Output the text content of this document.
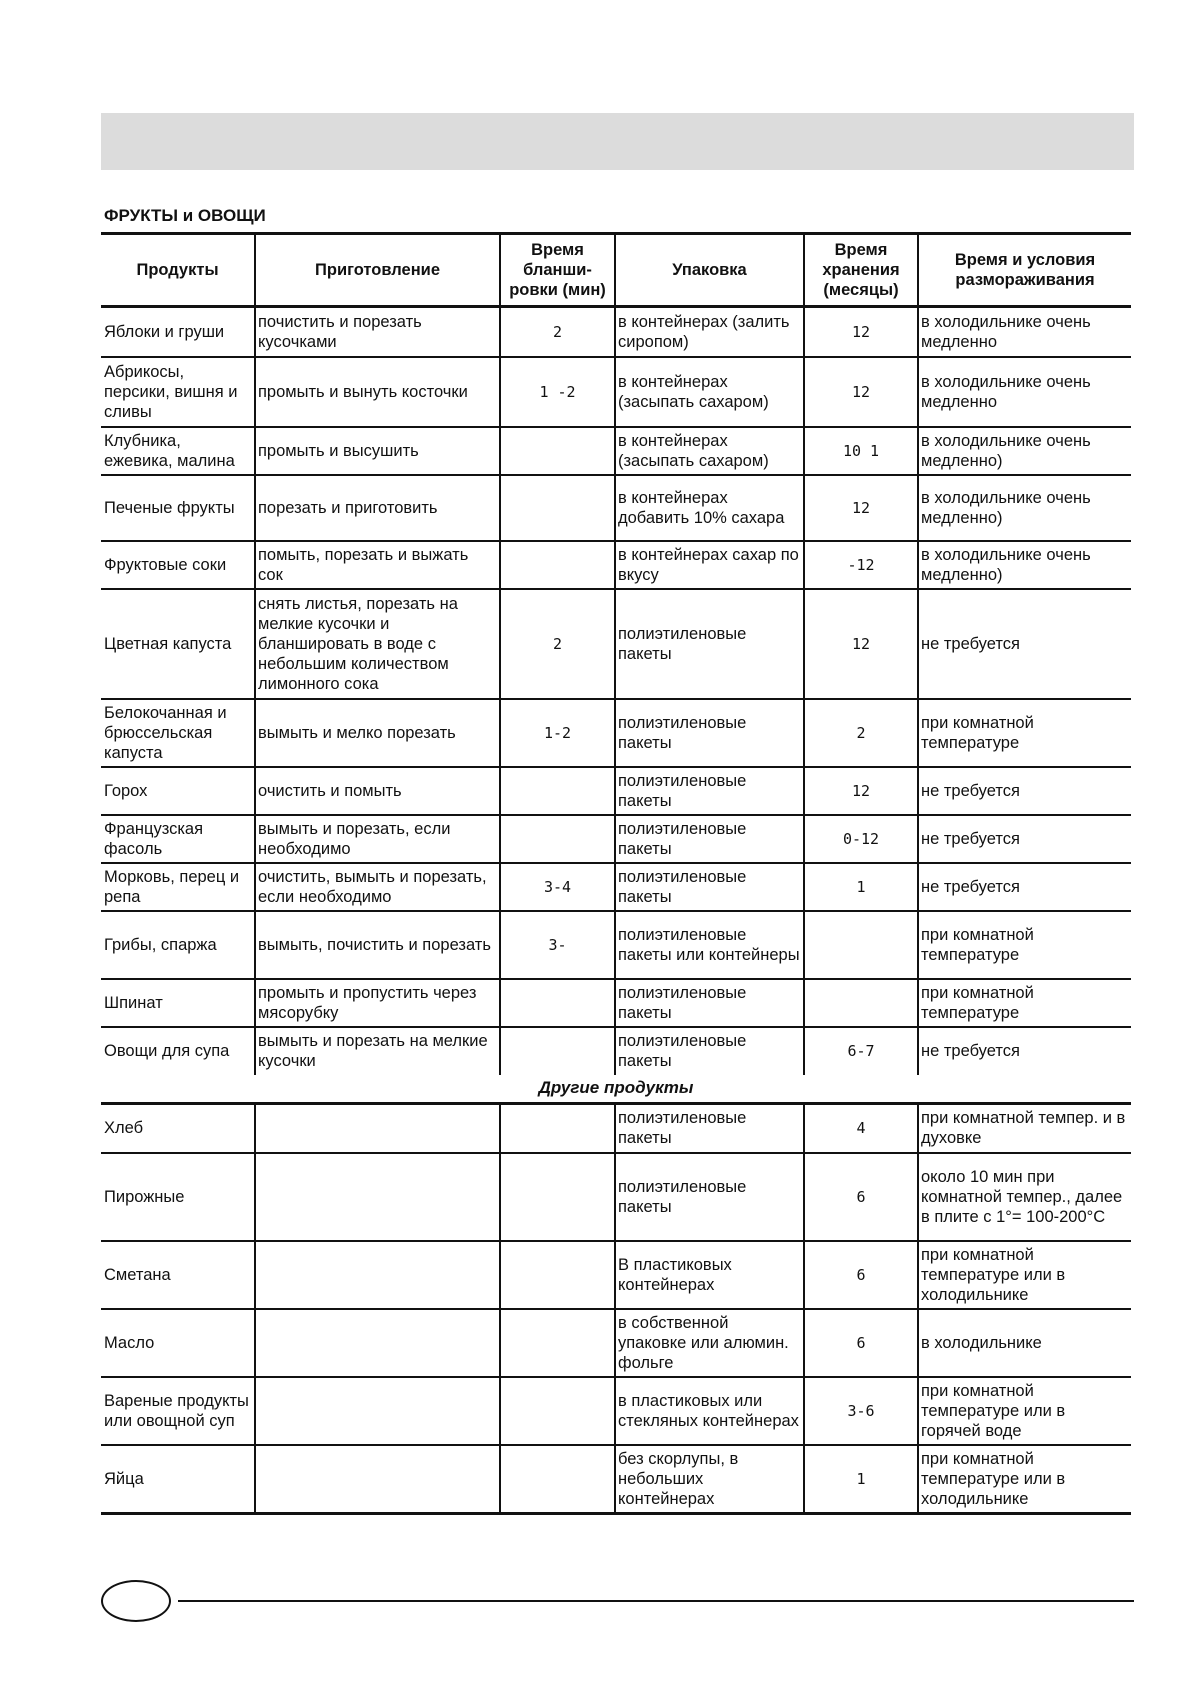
ФРУКТЫ и ОВОЩИ
Продукты	Приготовление	Время бланши-ровки (мин)	Упаковка	Время хранения (месяцы)	Время и условия размораживания
Яблоки и груши	почистить и порезать кусочками	2	в контейнерах (залить сиропом)	12	в холодильнике очень медленно
Абрикосы, персики, вишня и сливы	промыть и вынуть косточки	1 -2	в контейнерах (засыпать сахаром)	12	в холодильнике очень медленно
Клубника, ежевика, малина	промыть и высушить		в контейнерах (засыпать сахаром)	10 1	в холодильнике очень медленно)
Печеные фрукты	порезать и приготовить		в контейнерах добавить 10% сахара	12	в холодильнике очень медленно)
Фруктовые соки	помыть, порезать и выжать сок		в контейнерах сахар по вкусу	-12	в холодильнике очень медленно)
Цветная капуста	снять листья, порезать на мелкие кусочки и бланшировать в воде с небольшим количеством лимонного сока	2	полиэтиленовые пакеты	12	не требуется
Белокочанная и брюссельская капуста	вымыть и мелко порезать	1-2	полиэтиленовые пакеты	2	при комнатной температуре
Горох	очистить и помыть		полиэтиленовые пакеты	12	не требуется
Французская фасоль	вымыть и порезать, если необходимо		полиэтиленовые пакеты	0-12	не требуется
Морковь, перец и репа	очистить, вымыть и порезать, если необходимо	3-4	полиэтиленовые пакеты	1	не требуется
Грибы, спаржа	вымыть, почистить и порезать	3-	полиэтиленовые пакеты или контейнеры		при комнатной температуре
Шпинат	промыть и пропустить через мясорубку		полиэтиленовые пакеты		при комнатной температуре
Овощи для супа	вымыть и порезать на мелкие кусочки		полиэтиленовые пакеты	6-7	не требуется
Другие продукты					
Хлеб			полиэтиленовые пакеты	4	при комнатной темпер. и в духовке
Пирожные			полиэтиленовые пакеты	6	около 10 мин при комнатной темпер., далее в плите с 1°= 100-200°C
Сметана			В пластиковых контейнерах	6	при комнатной температуре или в холодильнике
Масло			в собственной упаковке или алюмин. фольге	6	в холодильнике
Вареные продукты или овощной суп			в пластиковых или стекляных контейнерах	3-6	при комнатной температуре или в горячей воде
Яйца			без скорлупы, в небольших контейнерах	1	при комнатной температуре или в холодильнике
